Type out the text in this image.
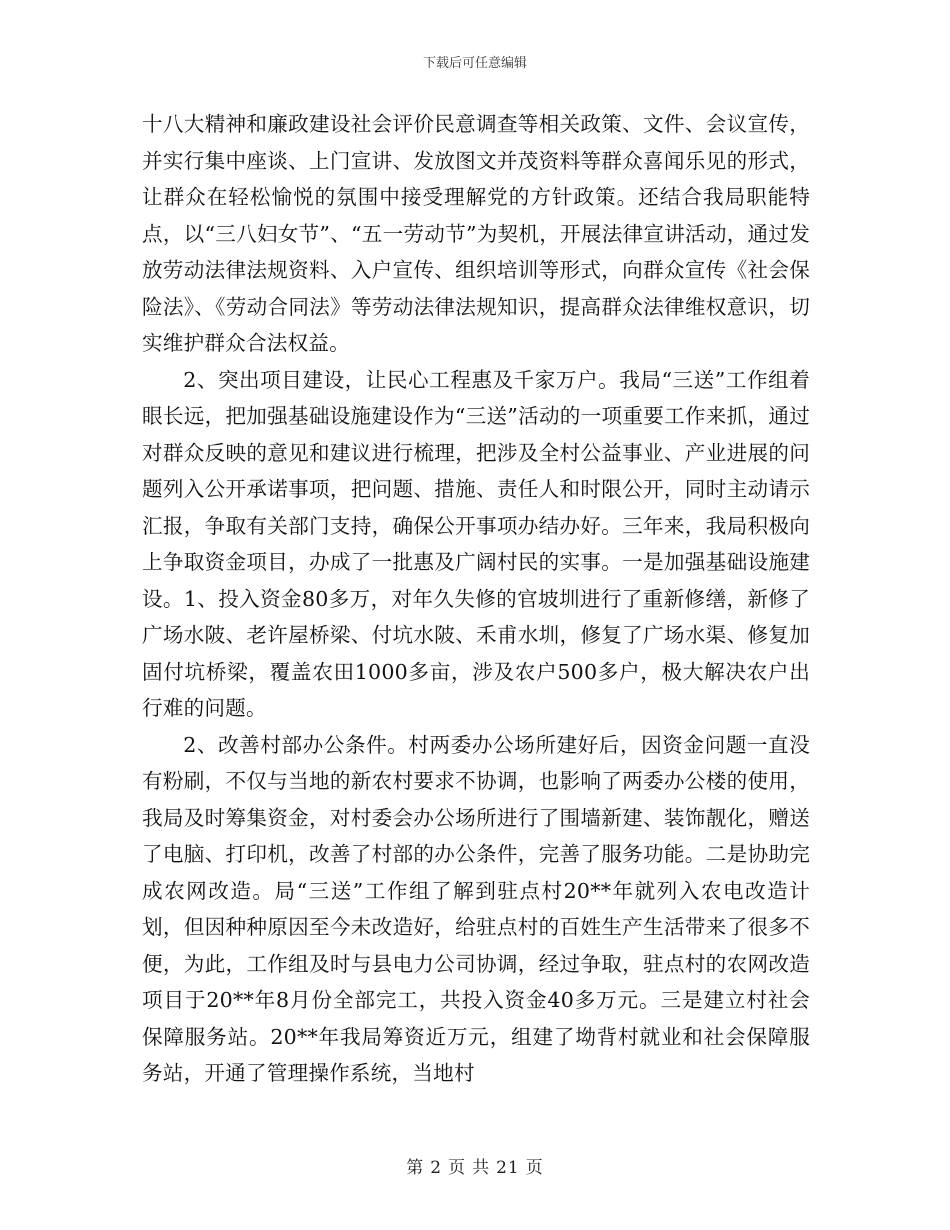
下载后可任意编辑

十八大精神和廉政建设社会评价民意调查等相关政策、文件、会议宣传，并实行集中座谈、上门宣讲、发放图文并茂资料等群众喜闻乐见的形式，让群众在轻松愉悦的氛围中接受理解党的方针政策。还结合我局职能特点，以“三八妇女节”、“五一劳动节”为契机，开展法律宣讲活动，通过发放劳动法律法规资料、入户宣传、组织培训等形式，向群众宣传《社会保险法》、《劳动合同法》等劳动法律法规知识，提高群众法律维权意识，切实维护群众合法权益。

2、突出项目建设，让民心工程惠及千家万户。我局“三送”工作组着眼长远，把加强基础设施建设作为“三送”活动的一项重要工作来抓，通过对群众反映的意见和建议进行梳理，把涉及全村公益事业、产业进展的问题列入公开承诺事项，把问题、措施、责任人和时限公开，同时主动请示汇报，争取有关部门支持，确保公开事项办结办好。三年来，我局积极向上争取资金项目，办成了一批惠及广阔村民的实事。一是加强基础设施建设。1、投入资金80多万，对年久失修的官坡圳进行了重新修缮，新修了广场水陂、老许屋桥梁、付坑水陂、禾甫水圳，修复了广场水渠、修复加固付坑桥梁，覆盖农田1000多亩，涉及农户500多户，极大解决农户出行难的问题。

2、改善村部办公条件。村两委办公场所建好后，因资金问题一直没有粉刷，不仅与当地的新农村要求不协调，也影响了两委办公楼的使用，我局及时筹集资金，对村委会办公场所进行了围墙新建、装饰靓化，赠送了电脑、打印机，改善了村部的办公条件，完善了服务功能。二是协助完成农网改造。局“三送”工作组了解到驻点村20**年就列入农电改造计划，但因种种原因至今未改造好，给驻点村的百姓生产生活带来了很多不便，为此，工作组及时与县电力公司协调，经过争取，驻点村的农网改造项目于20**年8月份全部完工，共投入资金40多万元。三是建立村社会保障服务站。20**年我局筹资近万元，组建了坳背村就业和社会保障服务站，开通了管理操作系统，当地村

第 2 页 共 21 页
